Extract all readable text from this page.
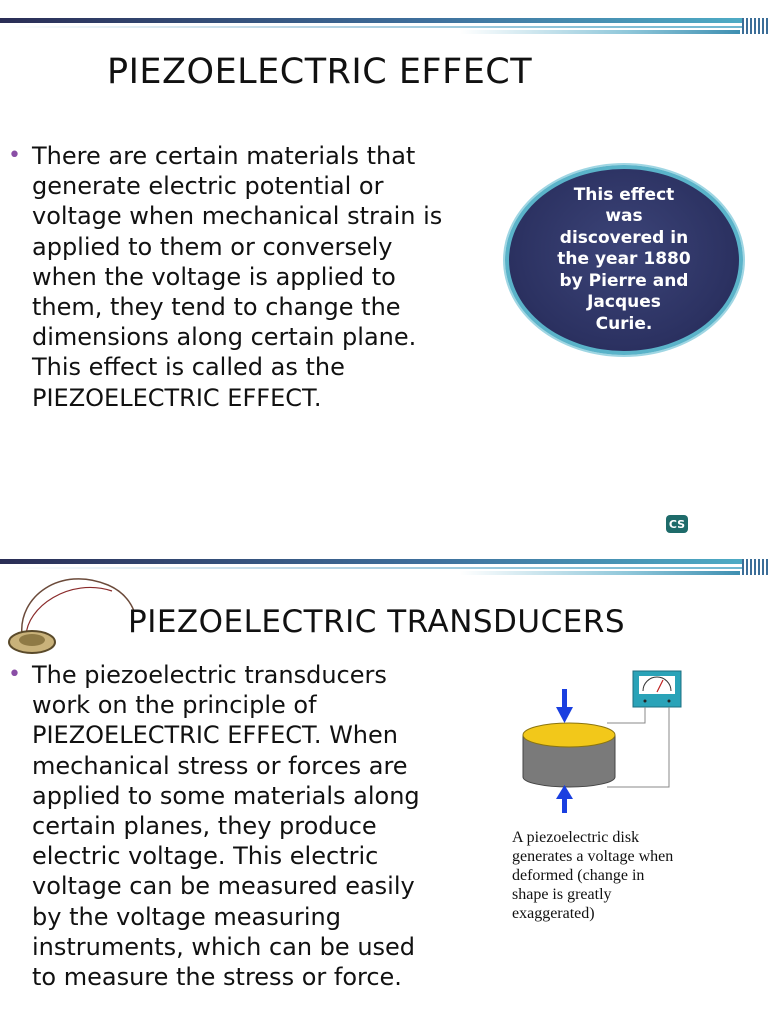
PIEZOELECTRIC EFFECT
• There are certain materials that
generate electric potential or
voltage when mechanical strain is
applied to them or conversely
when the voltage is applied to
them, they tend to change the
dimensions along certain plane.
This effect is called as the
PIEZOELECTRIC EFFECT.
This effect
was
discovered in
the year 1880
by Pierre and
Jacques
Curie.
CS
PIEZOELECTRIC TRANSDUCERS
• The piezoelectric transducers
work on the principle of
PIEZOELECTRIC EFFECT. When
mechanical stress or forces are
applied to some materials along
certain planes, they produce
electric voltage. This electric
voltage can be measured easily
by the voltage measuring
instruments, which can be used
to measure the stress or force.
A piezoelectric disk
generates a voltage when
deformed (change in
shape is greatly
exaggerated)
